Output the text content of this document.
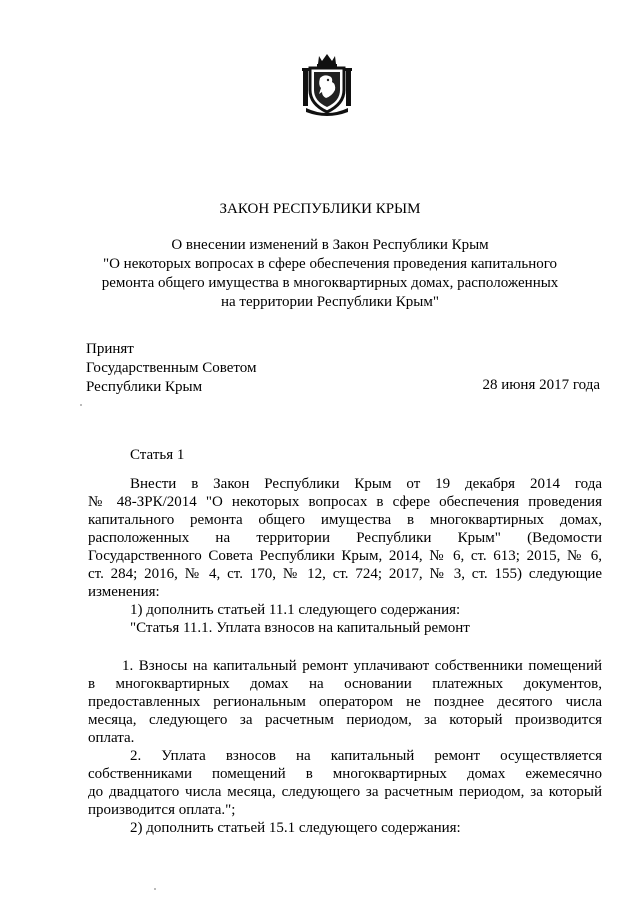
ЗАКОН РЕСПУБЛИКИ КРЫМ
О внесении изменений в Закон Республики Крым
"О некоторых вопросах в сфере обеспечения проведения капитального
ремонта общего имущества в многоквартирных домах, расположенных
на территории Республики Крым"
Принят
Государственным Советом
Республики Крым	28 июня 2017 года
Статья 1
Внести в Закон Республики Крым от 19 декабря 2014 года
№ 48-ЗРК/2014 "О некоторых вопросах в сфере обеспечения проведения
капитального ремонта общего имущества в многоквартирных домах,
расположенных на территории Республики Крым" (Ведомости
Государственного Совета Республики Крым, 2014, № 6, ст. 613; 2015, № 6,
ст. 284; 2016, № 4, ст. 170, № 12, ст. 724; 2017, № 3, ст. 155) следующие
изменения:
1) дополнить статьей 11.1 следующего содержания:
"Статья 11.1. Уплата взносов на капитальный ремонт
1. Взносы на капитальный ремонт уплачивают собственники помещений
в многоквартирных домах на основании платежных документов,
предоставленных региональным оператором не позднее десятого числа
месяца, следующего за расчетным периодом, за который производится
оплата.
2. Уплата взносов на капитальный ремонт осуществляется
собственниками помещений в многоквартирных домах ежемесячно
до двадцатого числа месяца, следующего за расчетным периодом, за который
производится оплата.";
2) дополнить статьей 15.1 следующего содержания:
